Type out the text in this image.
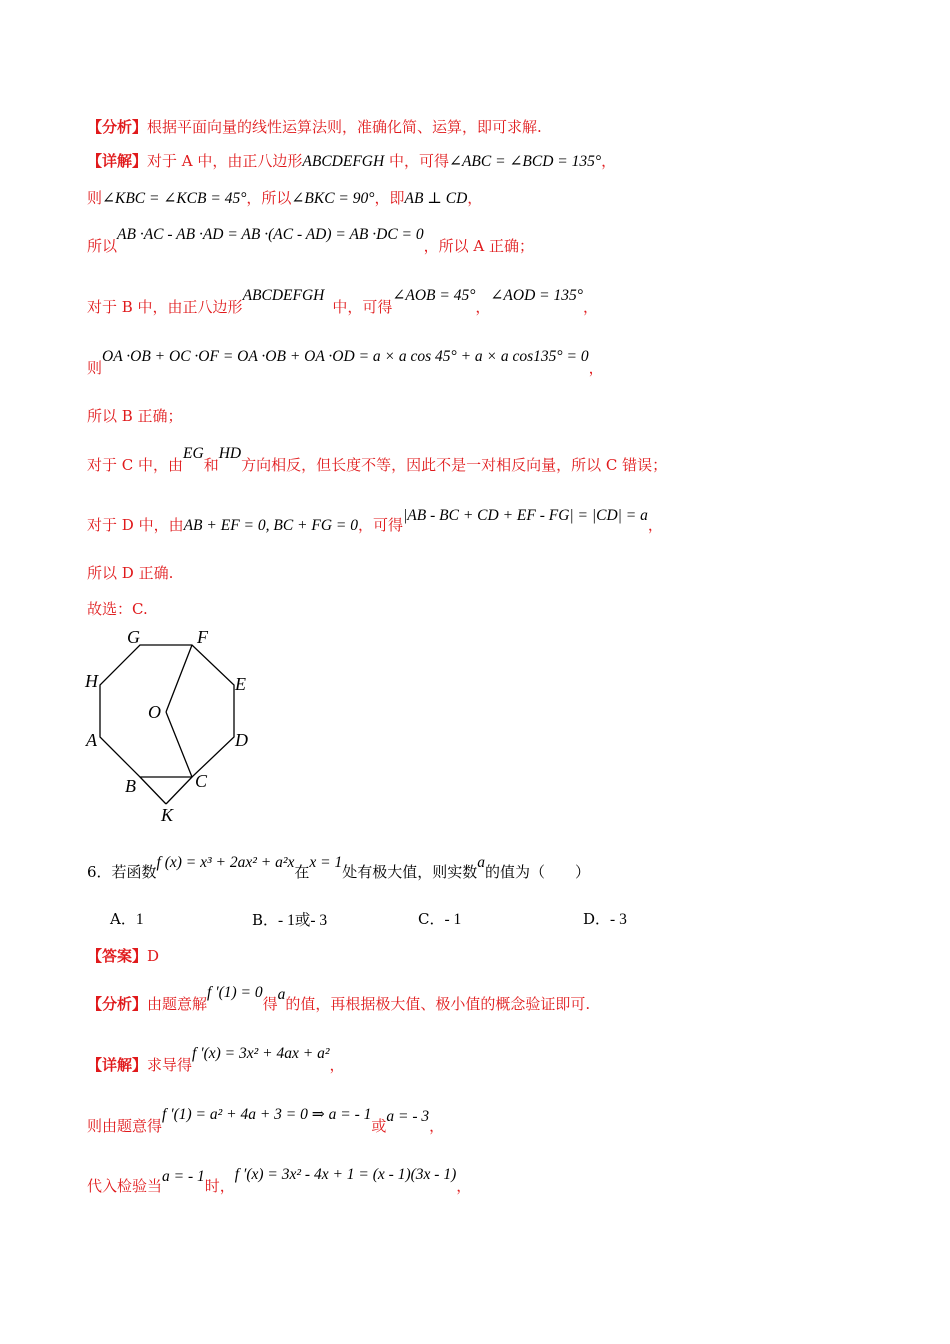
【分析】根据平面向量的线性运算法则，准确化简、运算，即可求解.
【详解】对于 A 中，由正八边形ABCDEFGH 中，可得∠ABC = ∠BCD = 135°，
则∠KBC = ∠KCB = 45°，所以∠BKC = 90°，即AB ⊥ CD，
所以AB ·AC - AB ·AD = AB ·(AC - AD) = AB ·DC = 0，所以 A 正确；
对于 B 中，由正八边形ABCDEFGH中，可得∠AOB = 45°，∠AOD = 135°，
则OA ·OB + OC ·OF = OA ·OB + OA ·OD = a × a cos 45° + a × a cos135° = 0，
所以 B 正确；
对于 C 中，由EG和HD方向相反，但长度不等，因此不是一对相反向量，所以 C 错误；
对于 D 中，由AB + EF = 0, BC + FG = 0，可得|AB - BC + CD + EF - FG| = |CD| = a，
所以 D 正确.
故选：C.
G	F
H	E
O
A	D
B	C
K
6．若函数f (x) = x³ + 2ax² + a²x在x = 1处有极大值，则实数a的值为（　　）
A．1	B．- 1或- 3	C．- 1	D．- 3
【答案】D
【分析】由题意解f ′(1) = 0得a的值，再根据极大值、极小值的概念验证即可.
【详解】求导得f ′(x) = 3x² + 4ax + a²，
则由题意得f ′(1) = a² + 4a + 3 = 0 ⇒ a = - 1或a = - 3，
代入检验当a = - 1时，f ′(x) = 3x² - 4x + 1 = (x - 1)(3x - 1)，
